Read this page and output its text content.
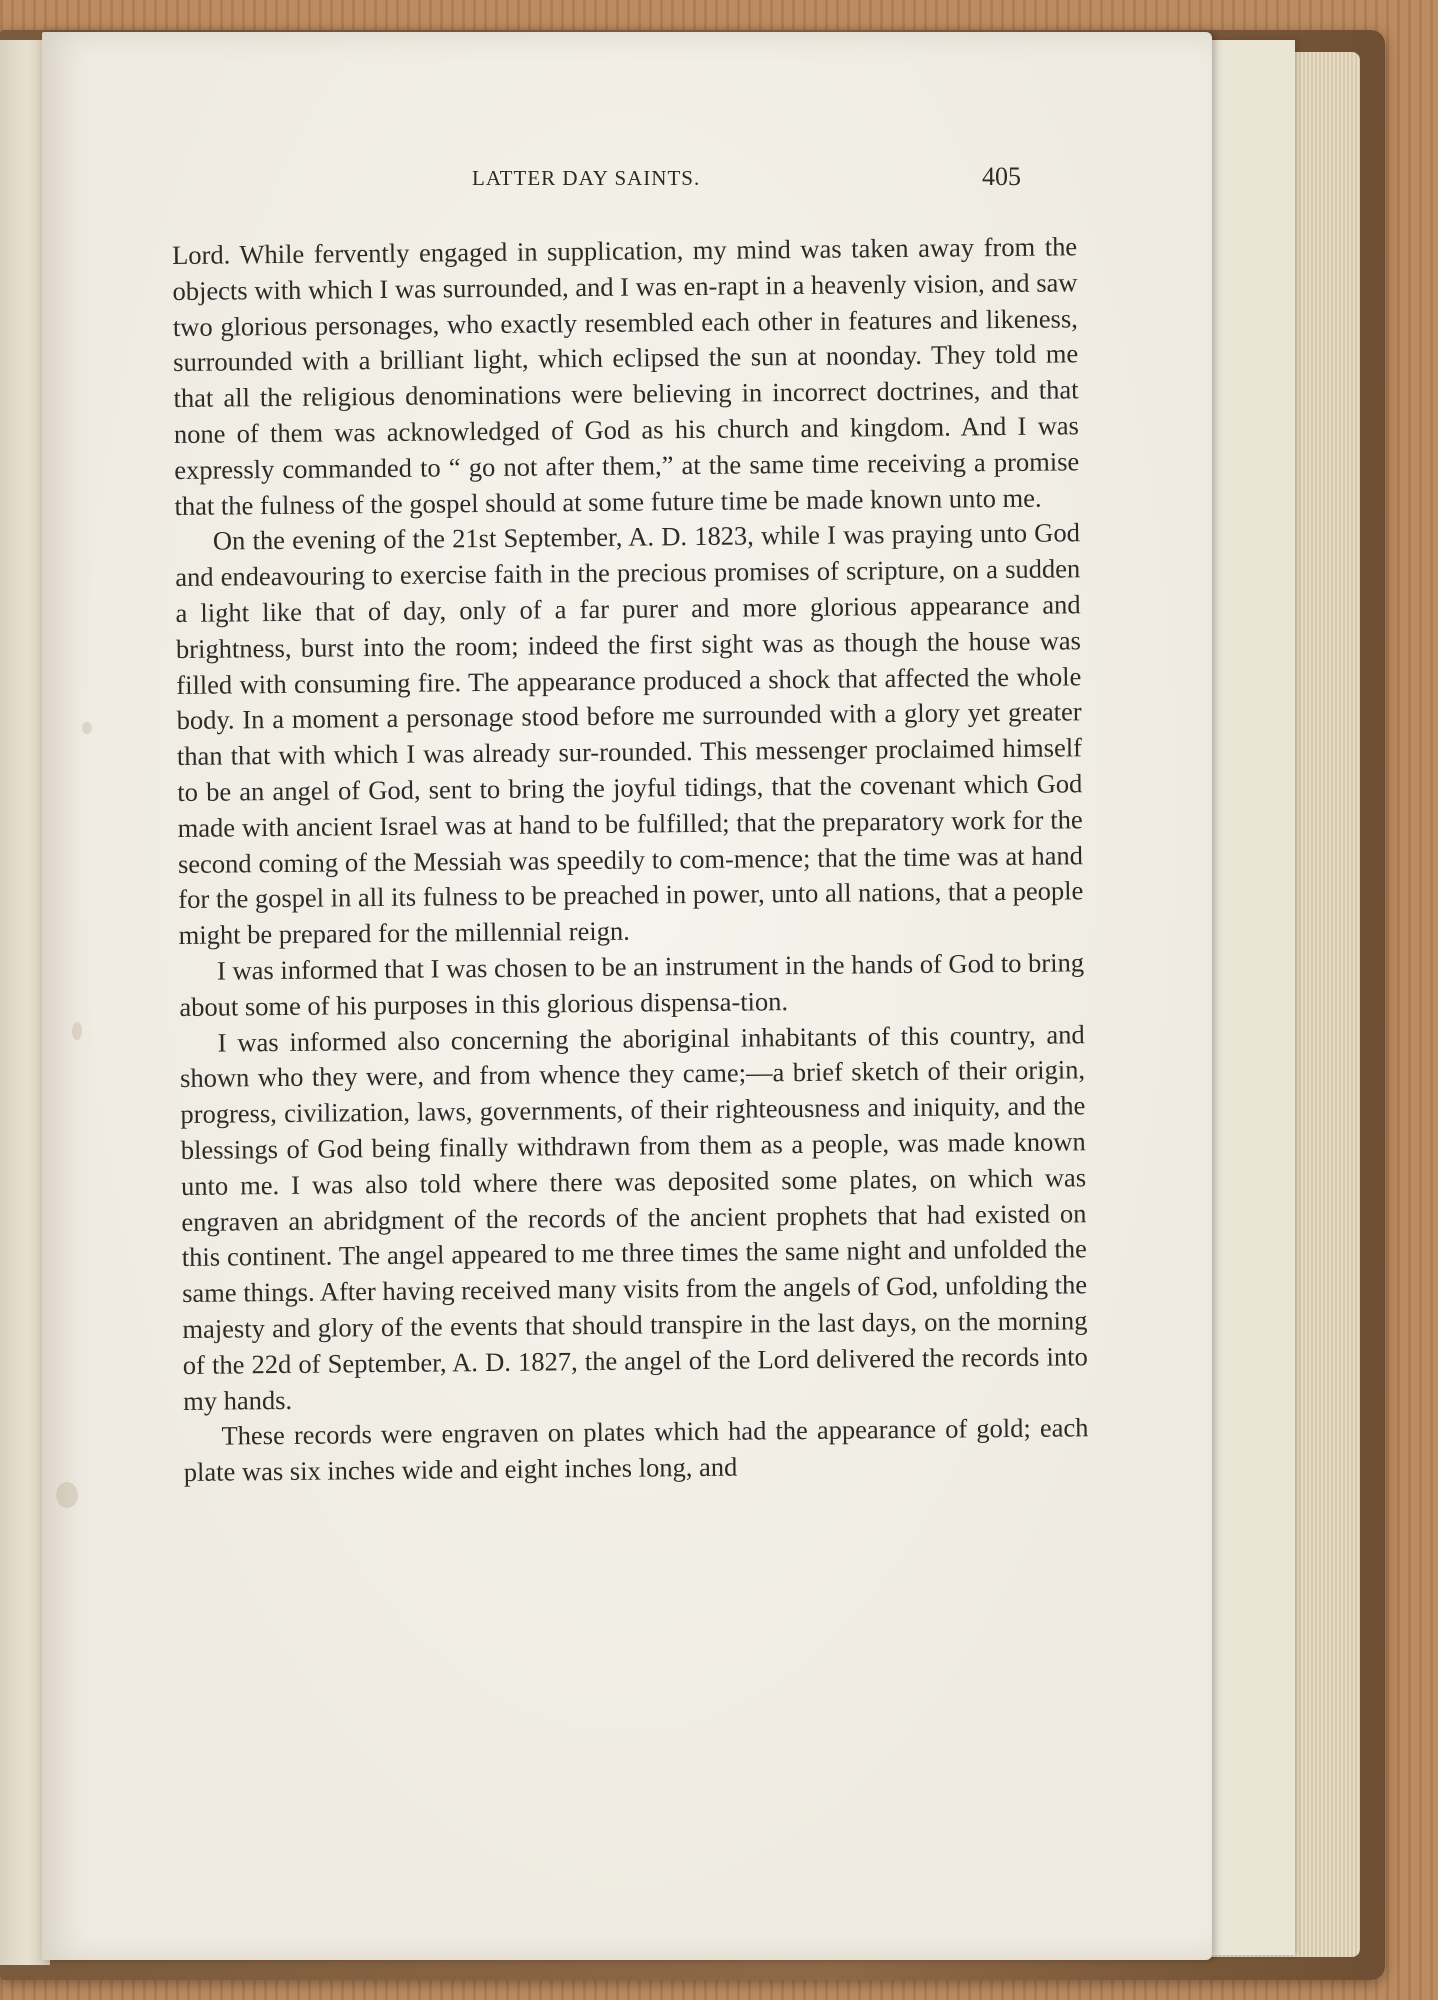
LATTER DAY SAINTS.	405

Lord. While fervently engaged in supplication, my mind was taken away from the objects with which I was surrounded, and I was en-rapt in a heavenly vision, and saw two glorious personages, who exactly resembled each other in features and likeness, surrounded with a brilliant light, which eclipsed the sun at noonday. They told me that all the religious denominations were believing in incorrect doctrines, and that none of them was acknowledged of God as his church and kingdom. And I was expressly commanded to “ go not after them,” at the same time receiving a promise that the fulness of the gospel should at some future time be made known unto me.

On the evening of the 21st September, A. D. 1823, while I was praying unto God and endeavouring to exercise faith in the precious promises of scripture, on a sudden a light like that of day, only of a far purer and more glorious appearance and brightness, burst into the room; indeed the first sight was as though the house was filled with consuming fire. The appearance produced a shock that affected the whole body. In a moment a personage stood before me surrounded with a glory yet greater than that with which I was already sur-rounded. This messenger proclaimed himself to be an angel of God, sent to bring the joyful tidings, that the covenant which God made with ancient Israel was at hand to be fulfilled; that the preparatory work for the second coming of the Messiah was speedily to com-mence; that the time was at hand for the gospel in all its fulness to be preached in power, unto all nations, that a people might be prepared for the millennial reign.

I was informed that I was chosen to be an instrument in the hands of God to bring about some of his purposes in this glorious dispensa-tion.

I was informed also concerning the aboriginal inhabitants of this country, and shown who they were, and from whence they came;—a brief sketch of their origin, progress, civilization, laws, governments, of their righteousness and iniquity, and the blessings of God being finally withdrawn from them as a people, was made known unto me. I was also told where there was deposited some plates, on which was engraven an abridgment of the records of the ancient prophets that had existed on this continent. The angel appeared to me three times the same night and unfolded the same things. After having received many visits from the angels of God, unfolding the majesty and glory of the events that should transpire in the last days, on the morning of the 22d of September, A. D. 1827, the angel of the Lord delivered the records into my hands.

These records were engraven on plates which had the appearance of gold; each plate was six inches wide and eight inches long, and
